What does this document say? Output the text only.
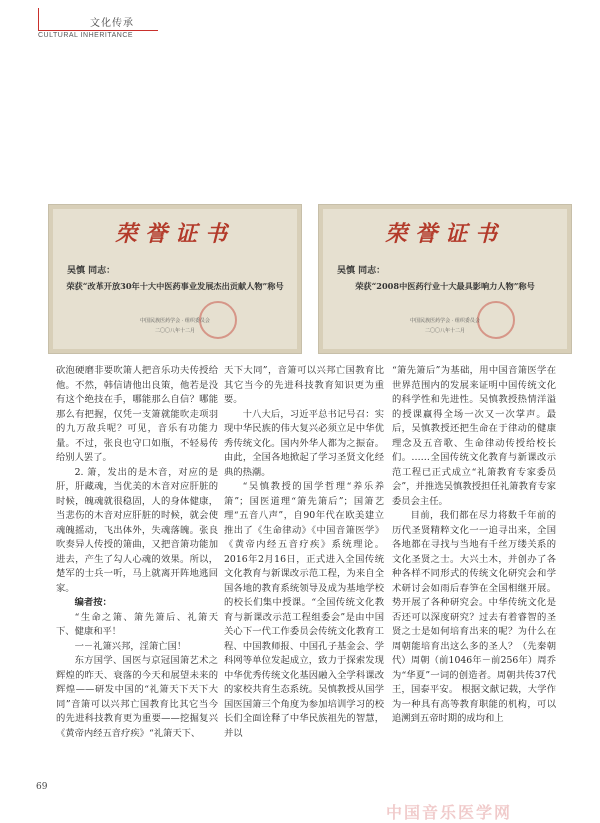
文化传承
CULTURAL INHERITANCE
荣誉证书
吴慎 同志：
荣获“改革开放30年十大中医药事业发展杰出贡献人物”称号
中国民族医药学会 · 组织委员会
二〇〇八年十二月
荣誉证书
吴慎 同志：
荣获“2008中医药行业十大最具影响力人物”称号
中国民族医药学会 · 组织委员会
二〇〇八年十二月

砍泡硬磨非要吹箫人把音乐功夫传授给他。不然，韩信请他出良策，他若是没有这个绝技在手，哪能那么自信？哪能那么有把握，仅凭一支箫就能吹走项羽的九万敌兵呢？可见，音乐有功能力量。不过，张良也守口如瓶，不轻易传给别人罢了。

2. 箫，发出的是木音，对应的是肝，肝藏魂，当优美的木音对应肝脏的时候，魄魂就很稳固，人的身体健康，当悲伤的木音对应肝脏的时候，就会使魂魄摇动，飞出体外，失魂落魄。张良吹奏异人传授的箫曲，又把音箫功能加进去，产生了勾人心魂的效果。所以，楚军的士兵一听，马上就离开阵地逃回家。

编者按：

“生命之箫、箫先箫后、礼箫天下、健康和平！

一－礼箫兴邦，淫箫亡国！

东方国学、国医与京冠国箫艺术之辉煌的昨天、衰落的今天和展望未来的辉煌——研发中国的“礼箫天下天下大同”音箫可以兴邦亡国教育比其它当今的先进科技教育更为重要——挖掘复兴《黄帝内经五音疗疾》“礼箫天下、

天下大同”，音箫可以兴邦亡国教育比其它当今的先进科技教育知识更为重要。

十八大后，习近平总书记号召：实现中华民族的伟大复兴必须立足中华优秀传统文化。国内外华人都为之振奋。由此，全国各地掀起了学习圣贤文化经典的热潮。

“吴慎教授的国学哲理“养乐养箫”；国医道理“箫先箫后”；国箫艺理“五音八声”，自90年代在欧美建立推出了《生命律动》《中国音箫医学》《黄帝内经五音疗疾》系统理论。2016年2月16日，正式进入全国传统文化教育与新课改示范工程，为来自全国各地的教育系统领导及成为基地学校的校长们集中授课。“全国传统文化教育与新课改示范工程组委会”是由中国关心下一代工作委员会传统文化教育工程、中国教师报、中国孔子基金会、学科网等单位发起成立，致力于探索发现中华优秀传统文化基因融入全学科课改的家校共育生态系统。吴慎教授从国学国医国箫三个角度为参加培训学习的校长们全面诠释了中华民族祖先的智慧，并以

“箫先箫后”为基础，用中国音箫医学在世界范围内的发展来证明中国传统文化的科学性和先进性。吴慎教授热情洋溢的授课赢得全场一次又一次掌声。最后，吴慎教授还把生命在于律动的健康理念及五音歌、生命律动传授给校长们。……全国传统文化教育与新课改示范工程已正式成立“礼箫教育专家委员会”，并推选吴慎教授担任礼箫教育专家委员会主任。

目前，我们都在尽力将数千年前的历代圣贤精粹文化一一追寻出来，全国各地都在寻找与当地有千丝万缕关系的文化圣贤之士。大兴土木，并创办了各种各样不同形式的传统文化研究会和学术研讨会如雨后春笋在全国相继开展。势开展了各种研究会。中华传统文化是否还可以深度研究？过去有着睿智的圣贤之士是如何培育出来的呢？为什么在周朝能培育出这么多的圣人？（先秦朝代）周朝（前1046年－前256年）周乔为“华夏”一词的创造者。周朝共传37代王，国泰平安。 根据文献记载，大学作为一种具有高等教育职能的机构，可以追溯到五帝时期的成均和上

69
中国音乐医学网
